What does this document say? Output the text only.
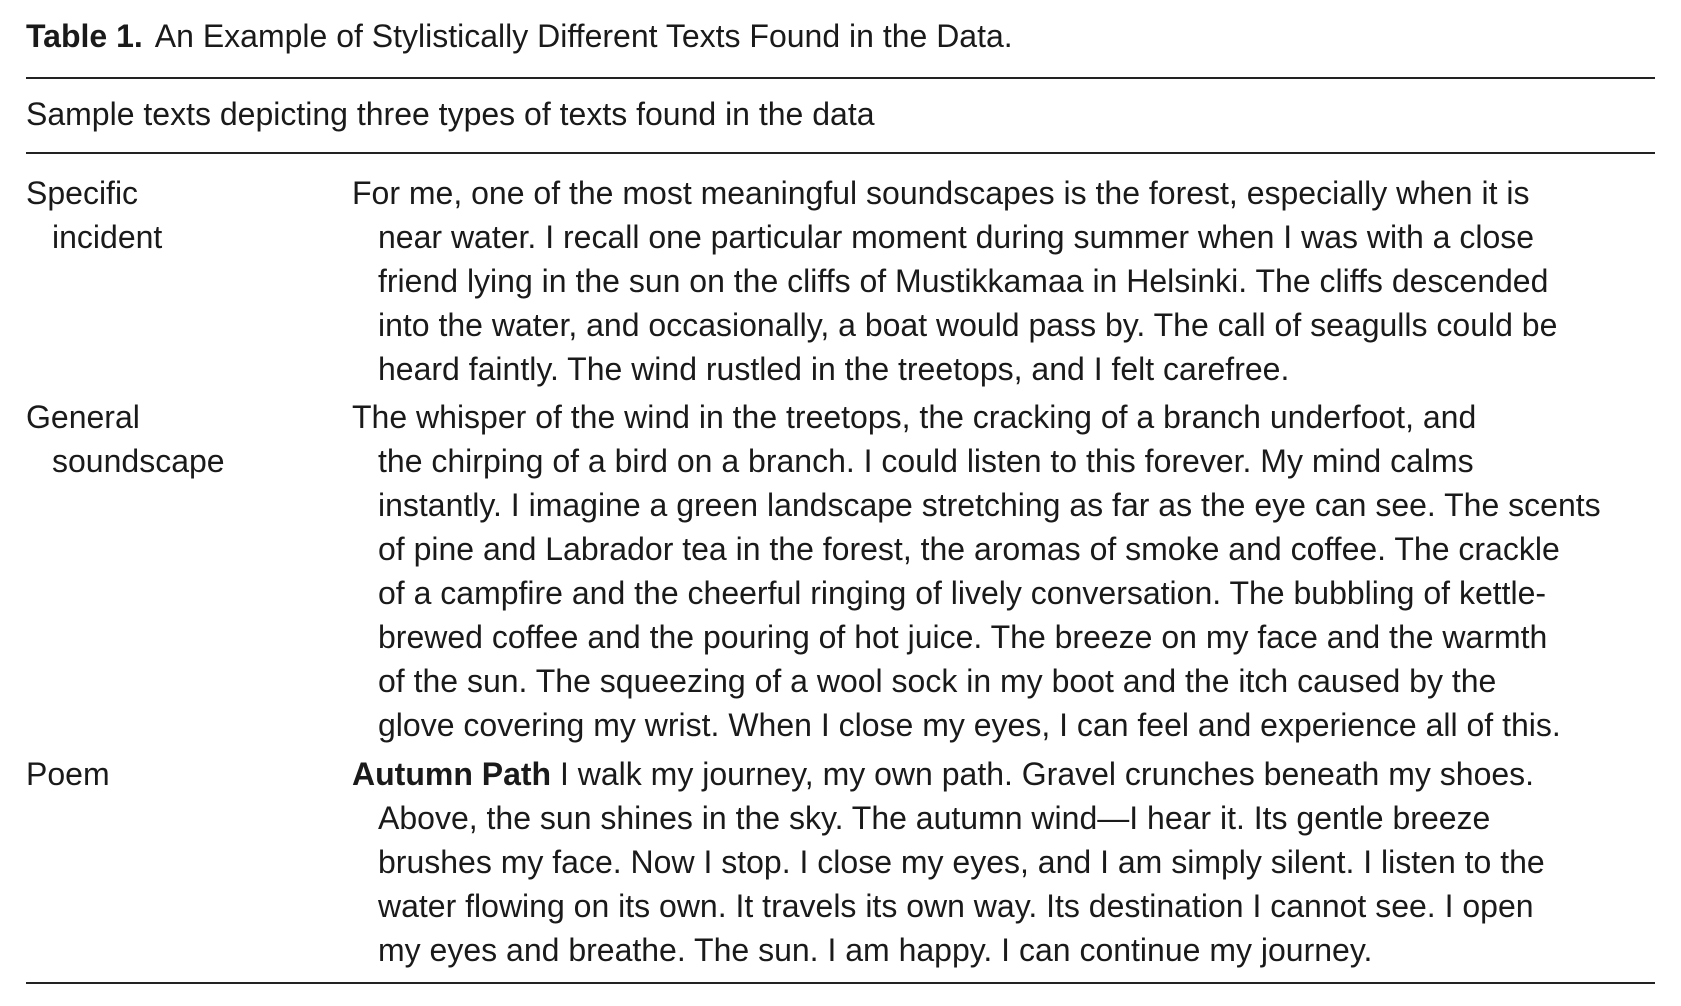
Table 1. An Example of Stylistically Different Texts Found in the Data.
Sample texts depicting three types of texts found in the data
Specific
incident
For me, one of the most meaningful soundscapes is the forest, especially when it is
near water. I recall one particular moment during summer when I was with a close
friend lying in the sun on the cliffs of Mustikkamaa in Helsinki. The cliffs descended
into the water, and occasionally, a boat would pass by. The call of seagulls could be
heard faintly. The wind rustled in the treetops, and I felt carefree.
General
soundscape
The whisper of the wind in the treetops, the cracking of a branch underfoot, and
the chirping of a bird on a branch. I could listen to this forever. My mind calms
instantly. I imagine a green landscape stretching as far as the eye can see. The scents
of pine and Labrador tea in the forest, the aromas of smoke and coffee. The crackle
of a campfire and the cheerful ringing of lively conversation. The bubbling of kettle-
brewed coffee and the pouring of hot juice. The breeze on my face and the warmth
of the sun. The squeezing of a wool sock in my boot and the itch caused by the
glove covering my wrist. When I close my eyes, I can feel and experience all of this.
Poem	Autumn Path I walk my journey, my own path. Gravel crunches beneath my shoes.
Above, the sun shines in the sky. The autumn wind—I hear it. Its gentle breeze
brushes my face. Now I stop. I close my eyes, and I am simply silent. I listen to the
water flowing on its own. It travels its own way. Its destination I cannot see. I open
my eyes and breathe. The sun. I am happy. I can continue my journey.
